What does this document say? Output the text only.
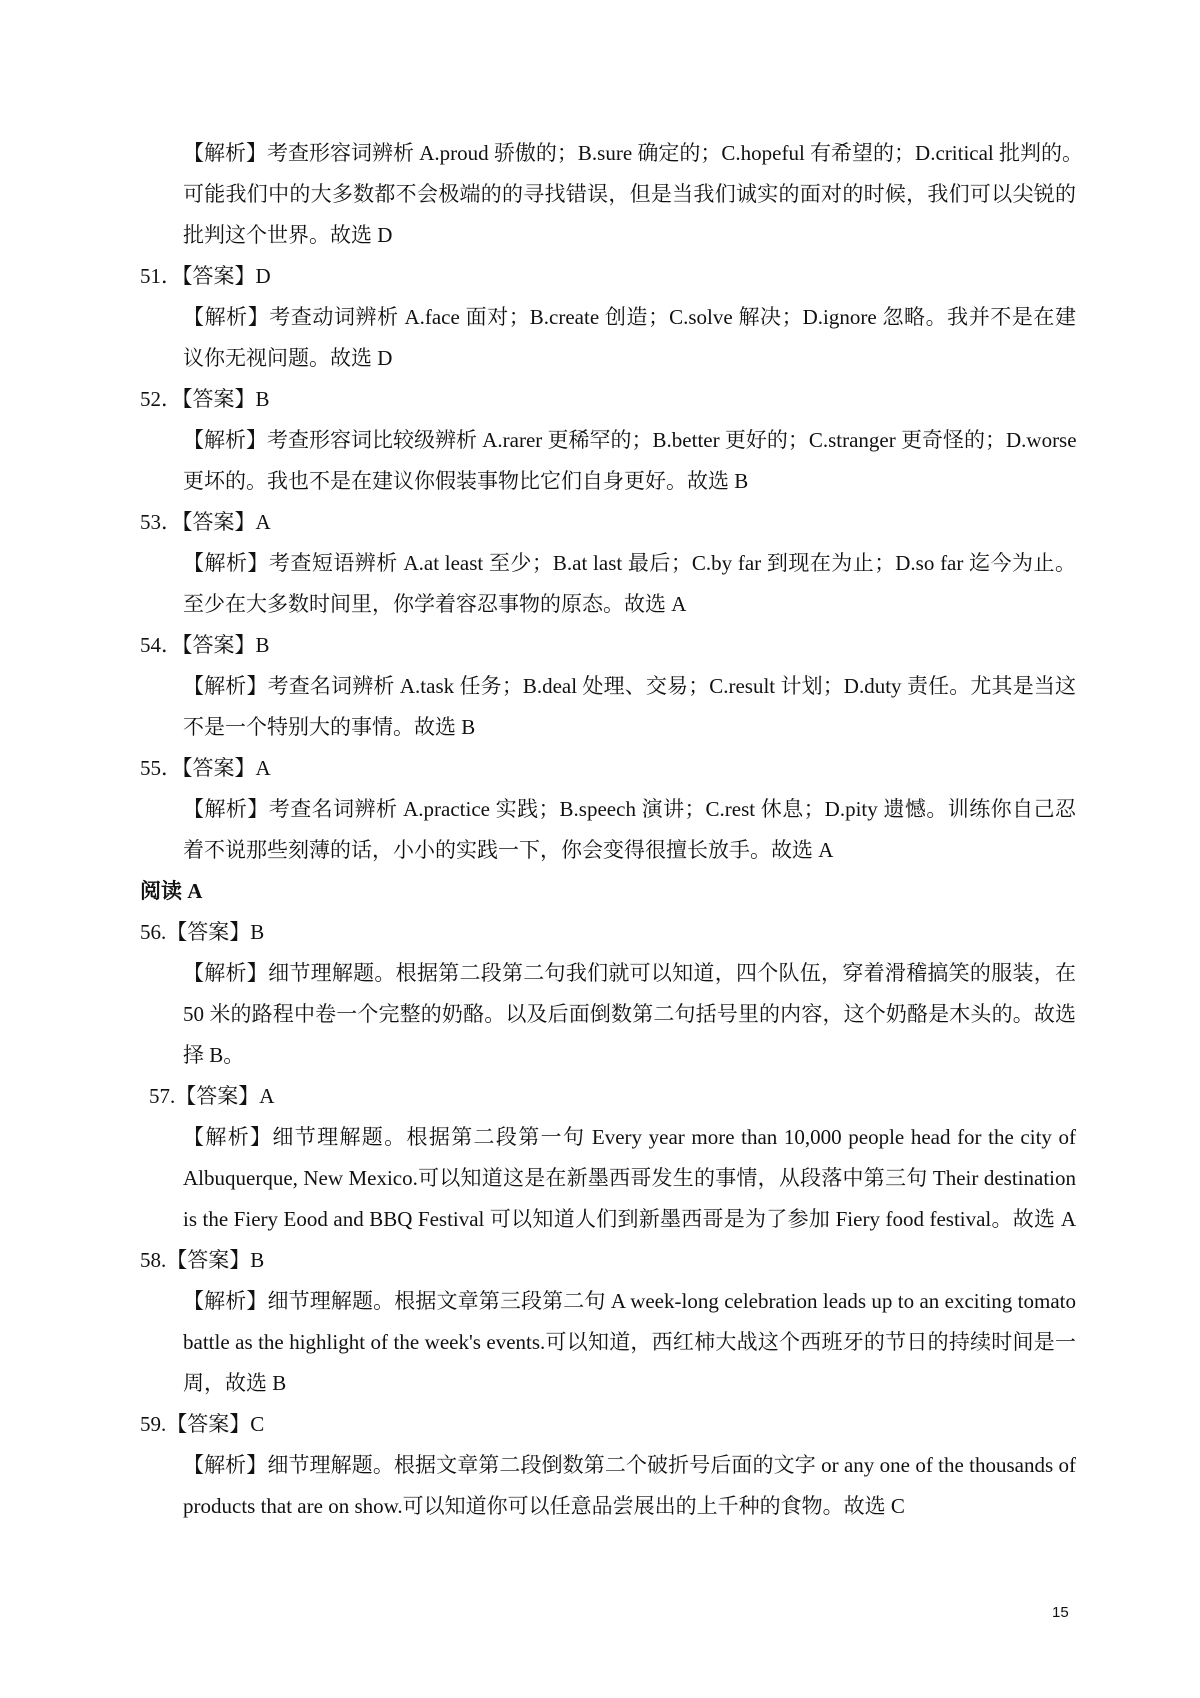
【解析】考查形容词辨析 A.proud 骄傲的；B.sure 确定的；C.hopeful 有希望的；D.critical 批判的。
可能我们中的大多数都不会极端的的寻找错误，但是当我们诚实的面对的时候，我们可以尖锐的
批判这个世界。故选 D
51．【答案】D
【解析】考查动词辨析 A.face 面对；B.create 创造；C.solve 解决；D.ignore 忽略。我并不是在建
议你无视问题。故选 D
52．【答案】B
【解析】考查形容词比较级辨析 A.rarer 更稀罕的；B.better 更好的；C.stranger 更奇怪的；D.worse
更坏的。我也不是在建议你假装事物比它们自身更好。故选 B
53．【答案】A
【解析】考查短语辨析 A.at least 至少；B.at last 最后；C.by far 到现在为止；D.so far 迄今为止。
至少在大多数时间里，你学着容忍事物的原态。故选 A
54．【答案】B
【解析】考查名词辨析 A.task 任务；B.deal 处理、交易；C.result 计划；D.duty 责任。尤其是当这
不是一个特别大的事情。故选 B
55．【答案】A
【解析】考查名词辨析 A.practice 实践；B.speech 演讲；C.rest 休息；D.pity 遗憾。训练你自己忍
着不说那些刻薄的话，小小的实践一下，你会变得很擅长放手。故选 A
阅读 A
56.【答案】B
【解析】细节理解题。根据第二段第二句我们就可以知道，四个队伍，穿着滑稽搞笑的服装，在
50 米的路程中卷一个完整的奶酪。以及后面倒数第二句括号里的内容，这个奶酪是木头的。故选
择 B。
57.【答案】A
【解析】细节理解题。根据第二段第一句 Every year more than 10,000 people head for the city of
Albuquerque, New Mexico.可以知道这是在新墨西哥发生的事情，从段落中第三句 Their destination
is the Fiery Eood and BBQ Festival 可以知道人们到新墨西哥是为了参加 Fiery food festival。故选 A
58.【答案】B
【解析】细节理解题。根据文章第三段第二句 A week-long celebration leads up to an exciting tomato
battle as the highlight of the week's events.可以知道，西红柿大战这个西班牙的节日的持续时间是一
周，故选 B
59.【答案】C
【解析】细节理解题。根据文章第二段倒数第二个破折号后面的文字 or any one of the thousands of
products that are on show.可以知道你可以任意品尝展出的上千种的食物。故选 C
15
